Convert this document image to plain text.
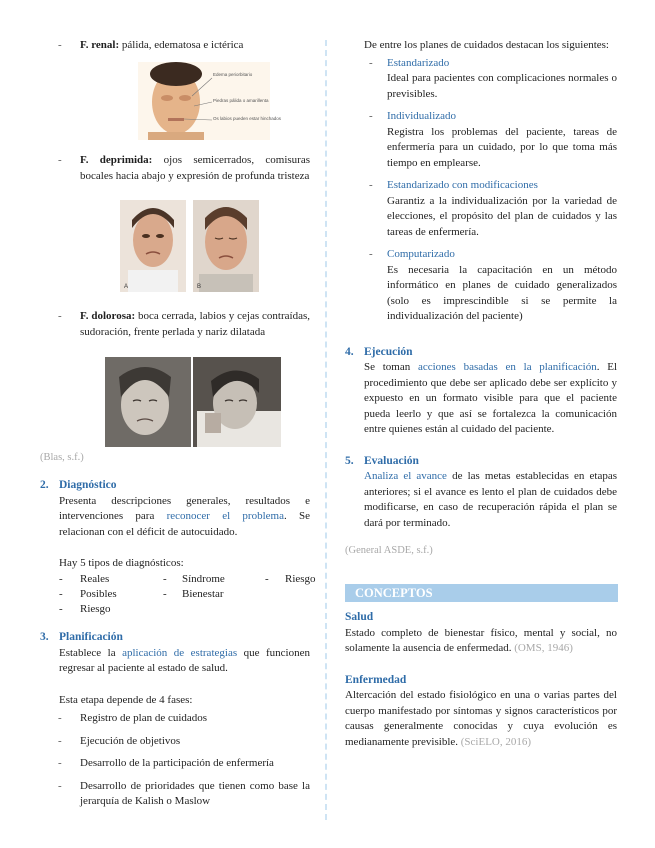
- F. renal: pálida, edematosa e ictérica
Edema periorbitario
Piedras pálida o amarillenta
Os labios pueden estar hinchados
- F. deprimida: ojos semicerrados, comisuras bocales hacia abajo y expresión de profunda tristeza
A	B
- F. dolorosa: boca cerrada, labios y cejas contraídas, sudoración, frente perlada y nariz dilatada
(Blas, s.f.)
2. Diagnóstico

Presenta descripciones generales, resultados e intervenciones para reconocer el problema. Se relacionan con el déficit de autocuidado.

Hay 5 tipos de diagnósticos:

- Reales	- Síndrome	- Riesgo
- Posibles	- Bienestar
- Riesgo
3. Planificación

Establece la aplicación de estrategias que funcionen regresar al paciente al estado de salud.

Esta etapa depende de 4 fases:

- Registro de plan de cuidados
- Ejecución de objetivos
- Desarrollo de la participación de enfermería
- Desarrollo de prioridades que tienen como base la jerarquía de Kalish o Maslow

De entre los planes de cuidados destacan los siguientes:

- Estandarizado
Ideal para pacientes con complicaciones normales o previsibles.
- Individualizado
Registra los problemas del paciente, tareas de enfermería para un cuidado, por lo que toma más tiempo en emplearse.
- Estandarizado con modificaciones
Garantiz a la individualización por la variedad de elecciones, el propósito del plan de cuidados y las tareas de enfermería.
- Computarizado
Es necesaria la capacitación en un método informático en planes de cuidado generalizados (solo es imprescindible si se permite la individualización del paciente)
4. Ejecución

Se toman acciones basadas en la planificación. El procedimiento que debe ser aplicado debe ser explícito y expuesto en un formato visible para que el paciente pueda leerlo y que así se fortalezca la comunicación entre quienes están al cuidado del paciente.

5. Evaluación

Analiza el avance de las metas establecidas en etapas anteriores; si el avance es lento el plan de cuidados debe modificarse, en caso de recuperación rápida el plan se dará por terminado.

(General ASDE, s.f.)

CONCEPTOS
Salud

Estado completo de bienestar físico, mental y social, no solamente la ausencia de enfermedad. (OMS, 1946)

Enfermedad

Altercación del estado fisiológico en una o varias partes del cuerpo manifestado por síntomas y signos característicos por causas generalmente conocidas y cuya evolución es medianamente previsible. (SciELO, 2016)
